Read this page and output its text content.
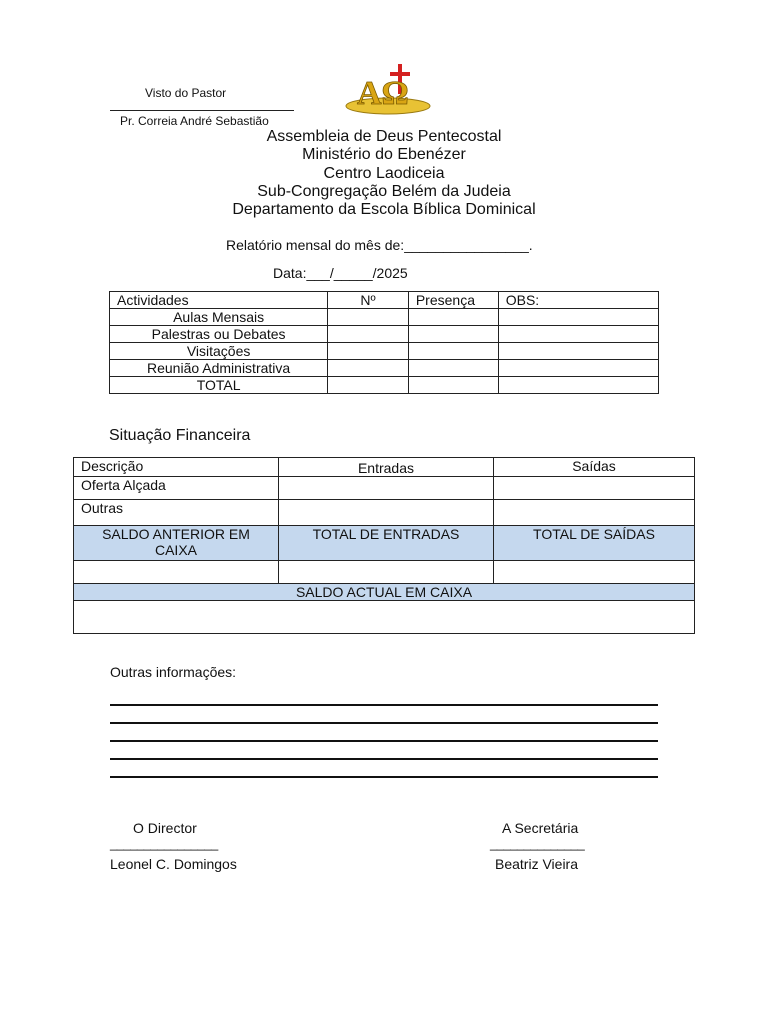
Visto do Pastor
Pr. Correia André Sebastião
AΩ
Assembleia de Deus Pentecostal
Ministério do Ebenézer
Centro Laodiceia
Sub-Congregação Belém da Judeia
Departamento da Escola Bíblica Dominical
Relatório mensal do mês de:________________.
Data:___/_____/2025
Actividades	Nº	Presença	OBS:
Aulas Mensais			
Palestras ou Debates			
Visitações			
Reunião Administrativa			
TOTAL			
Situação Financeira
Descrição	Entradas	Saídas
Oferta Alçada		
Outras		
SALDO ANTERIOR EM CAIXA	TOTAL DE ENTRADAS	TOTAL DE SAÍDAS

SALDO ACTUAL EM CAIXA		

Outras informações:
O Director
________________
Leonel C. Domingos
A Secretária
______________
Beatriz Vieira
